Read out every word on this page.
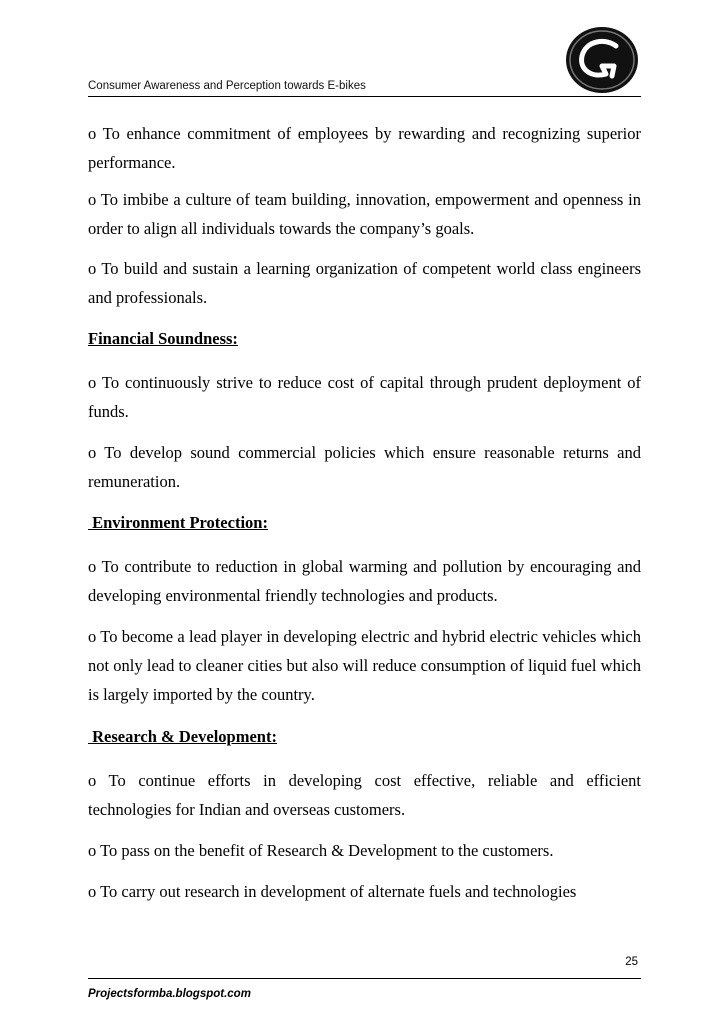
Consumer Awareness and Perception towards E-bikes
o To enhance commitment of employees by rewarding and recognizing superior performance.
o To imbibe a culture of team building, innovation, empowerment and openness in order to align all individuals towards the company’s goals.
o To build and sustain a learning organization of competent world class engineers and professionals.
Financial Soundness:
o To continuously strive to reduce cost of capital through prudent deployment of funds.
o To develop sound commercial policies which ensure reasonable returns and remuneration.
Environment Protection:
o To contribute to reduction in global warming and pollution by encouraging and developing environmental friendly technologies and products.
o To become a lead player in developing electric and hybrid electric vehicles which not only lead to cleaner cities but also will reduce consumption of liquid fuel which is largely imported by the country.
Research & Development:
o To continue efforts in developing cost effective, reliable and efficient technologies for Indian and overseas customers.
o To pass on the benefit of Research & Development to the customers.
o To carry out research in development of alternate fuels and technologies
25
Projectsformba.blogspot.com
